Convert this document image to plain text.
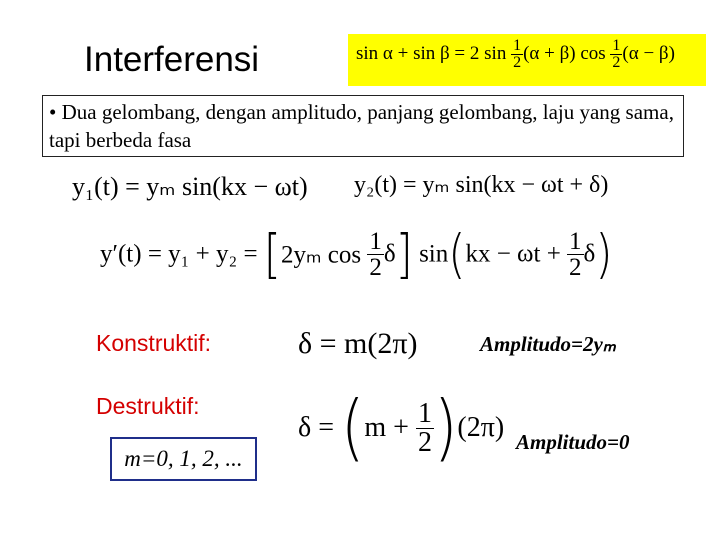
Interferensi	sin α + sin β = 2 $\sin \frac{1}{2} (\alpha + \beta)$ $\cos \frac{1}{2} (\alpha - \beta)$
• Dua gelombang, dengan amplitudo, panjang gelombang, laju yang sama, tapi berbeda fasa
y₁(t) = yₘ sin(kx − ωt) y₂(t) = yₘ sin(kx − ωt + δ)
y′(t) = y₁ + y₂ = [2yₘ $\cos \frac{1}{2} \delta$] $\sin(kx - \omega t + \frac{1}{2} \delta)$
Konstruktif:	δ = m(2π)	Amplitudo=2yₘ
Destruktif:
$\delta = (m + \frac{1}{2} )(2\pi)$ Amplitudo=0
m=0, 1, 2, ...
